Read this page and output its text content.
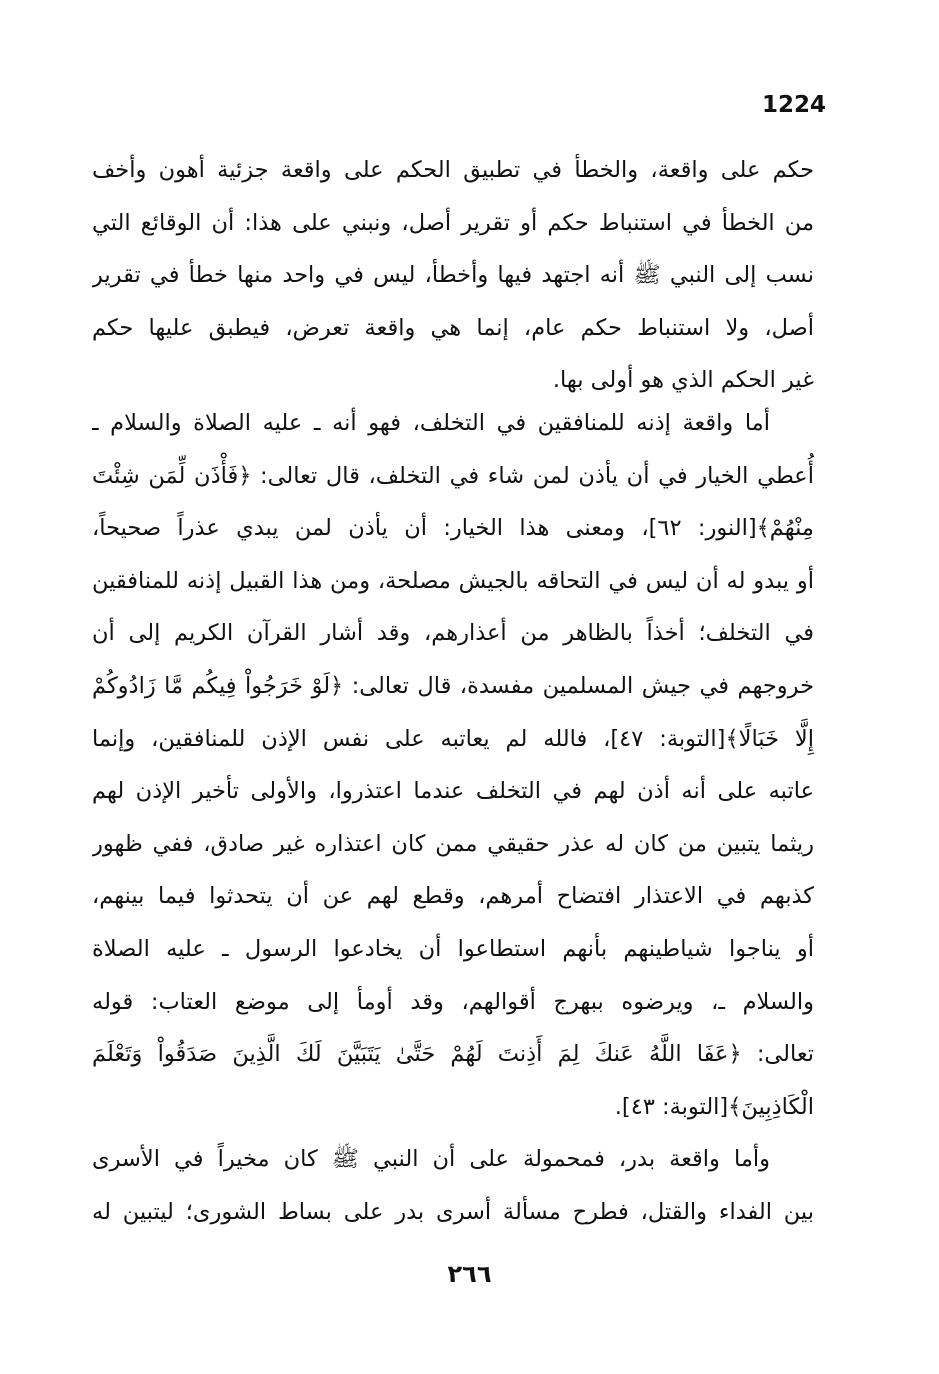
1224
حكم على واقعة، والخطأ في تطبيق الحكم على واقعة جزئية أهون وأخف
من الخطأ في استنباط حكم أو تقرير أصل، ونبني على هذا: أن الوقائع التي
نسب إلى النبي ﷺ أنه اجتهد فيها وأخطأ، ليس في واحد منها خطأ في تقرير
أصل، ولا استنباط حكم عام، إنما هي واقعة تعرض، فيطبق عليها حكم
غير الحكم الذي هو أولى بها.
أما واقعة إذنه للمنافقين في التخلف، فهو أنه ـ عليه الصلاة والسلام ـ
أُعطي الخيار في أن يأذن لمن شاء في التخلف، قال تعالى: ﴿فَأْذَن لِّمَن شِئْتَ
مِنْهُمْ﴾[النور: ٦٢]، ومعنى هذا الخيار: أن يأذن لمن يبدي عذراً صحيحاً،
أو يبدو له أن ليس في التحاقه بالجيش مصلحة، ومن هذا القبيل إذنه للمنافقين
في التخلف؛ أخذاً بالظاهر من أعذارهم، وقد أشار القرآن الكريم إلى أن
خروجهم في جيش المسلمين مفسدة، قال تعالى: ﴿لَوْ خَرَجُواْ فِيكُم مَّا زَادُوكُمْ
إِلَّا خَبَالًا﴾[التوبة: ٤٧]، فالله لم يعاتبه على نفس الإذن للمنافقين، وإنما
عاتبه على أنه أذن لهم في التخلف عندما اعتذروا، والأولى تأخير الإذن لهم
ريثما يتبين من كان له عذر حقيقي ممن كان اعتذاره غير صادق، ففي ظهور
كذبهم في الاعتذار افتضاح أمرهم، وقطع لهم عن أن يتحدثوا فيما بينهم،
أو يناجوا شياطينهم بأنهم استطاعوا أن يخادعوا الرسول ـ عليه الصلاة
والسلام ـ، ويرضوه ببهرج أقوالهم، وقد أومأ إلى موضع العتاب: قوله
تعالى: ﴿عَفَا اللَّهُ عَنكَ لِمَ أَذِنتَ لَهُمْ حَتَّىٰ يَتَبَيَّنَ لَكَ الَّذِينَ صَدَقُواْ وَتَعْلَمَ
الْكَاذِبِينَ﴾[التوبة: ٤٣].
وأما واقعة بدر، فمحمولة على أن النبي ﷺ كان مخيراً في الأسرى
بين الفداء والقتل، فطرح مسألة أسرى بدر على بساط الشورى؛ ليتبين له
٢٦٦
